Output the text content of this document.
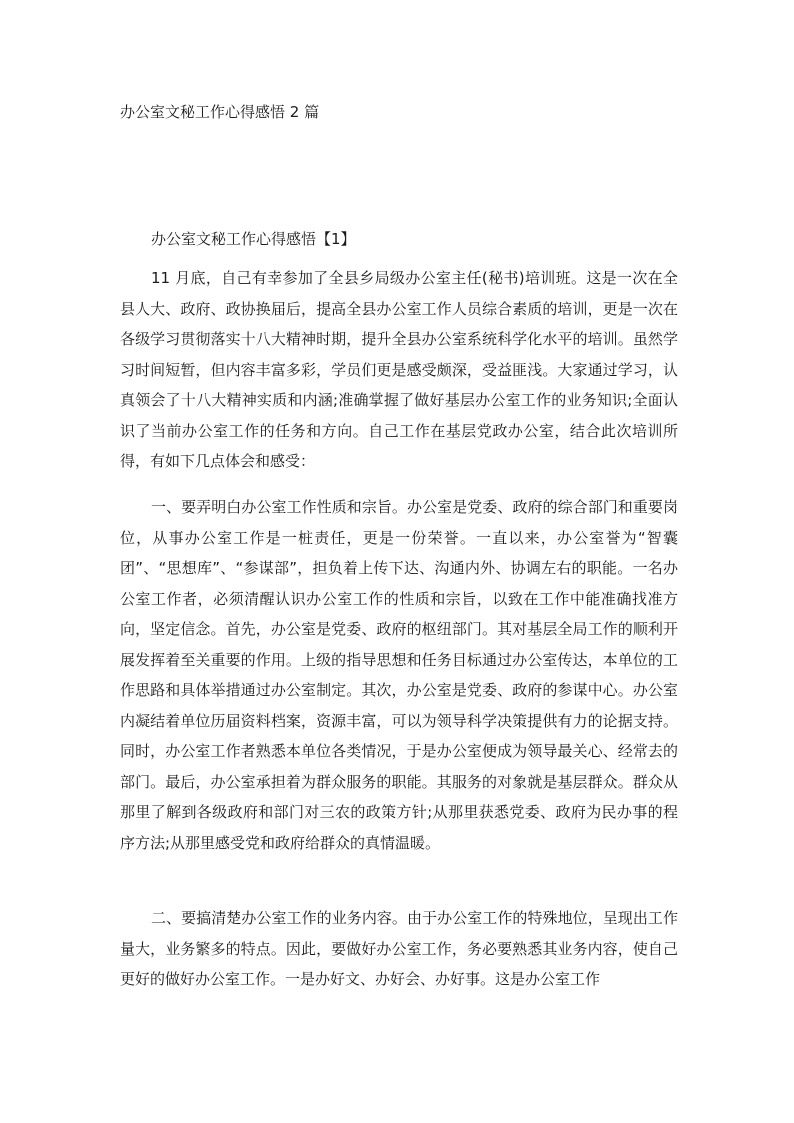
办公室文秘工作心得感悟 2 篇
办公室文秘工作心得感悟【1】

11 月底，自己有幸参加了全县乡局级办公室主任(秘书)培训班。这是一次在全县人大、政府、政协换届后，提高全县办公室工作人员综合素质的培训，更是一次在各级学习贯彻落实十八大精神时期，提升全县办公室系统科学化水平的培训。虽然学习时间短暂，但内容丰富多彩，学员们更是感受颇深，受益匪浅。大家通过学习，认真领会了十八大精神实质和内涵;准确掌握了做好基层办公室工作的业务知识;全面认识了当前办公室工作的任务和方向。自己工作在基层党政办公室，结合此次培训所得，有如下几点体会和感受：

一、要弄明白办公室工作性质和宗旨。办公室是党委、政府的综合部门和重要岗位，从事办公室工作是一桩责任，更是一份荣誉。一直以来，办公室誉为“智囊团”、“思想库”、“参谋部”，担负着上传下达、沟通内外、协调左右的职能。一名办公室工作者，必须清醒认识办公室工作的性质和宗旨，以致在工作中能准确找准方向，坚定信念。首先，办公室是党委、政府的枢纽部门。其对基层全局工作的顺利开展发挥着至关重要的作用。上级的指导思想和任务目标通过办公室传达，本单位的工作思路和具体举措通过办公室制定。其次，办公室是党委、政府的参谋中心。办公室内凝结着单位历届资料档案，资源丰富，可以为领导科学决策提供有力的论据支持。同时，办公室工作者熟悉本单位各类情况，于是办公室便成为领导最关心、经常去的部门。最后，办公室承担着为群众服务的职能。其服务的对象就是基层群众。群众从那里了解到各级政府和部门对三农的政策方针;从那里获悉党委、政府为民办事的程序方法;从那里感受党和政府给群众的真情温暖。

二、要搞清楚办公室工作的业务内容。由于办公室工作的特殊地位，呈现出工作量大，业务繁多的特点。因此，要做好办公室工作，务必要熟悉其业务内容，使自己更好的做好办公室工作。一是办好文、办好会、办好事。这是办公室工作
